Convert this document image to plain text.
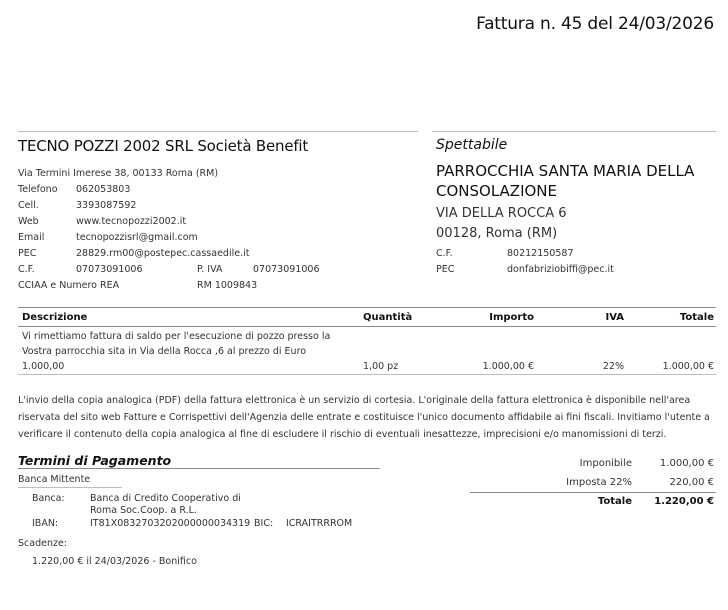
Fattura n. 45 del 24/03/2026
TECNO POZZI 2002 SRL Società Benefit
Via Termini Imerese 38, 00133 Roma (RM)
Telefono 062053803
Cell.	3393087592
Web	www.tecnopozzi2002.it
Email	tecnopozzisrl@gmail.com
PEC	28829.rm00@postepec.cassaedile.it
C.F.	07073091006	P. IVA	07073091006
CCIAA e Numero REA	RM 1009843
Spettabile
PARROCCHIA SANTA MARIA DELLA CONSOLAZIONE
VIA DELLA ROCCA 6
00128, Roma (RM)
C.F.	80212150587
PEC	donfabriziobiffi@pec.it
Descrizione	Quantità	Importo	IVA	Totale
Vi rimettiamo fattura di saldo per l'esecuzione di pozzo presso la
Vostra parrocchia sita in Via della Rocca ,6 al prezzo di Euro
1.000,00	1,00 pz	1.000,00 €	22%	1.000,00 €
L'invio della copia analogica (PDF) della fattura elettronica è un servizio di cortesia. L'originale della fattura elettronica è disponibile nell'area riservata del sito web Fatture e Corrispettivi dell'Agenzia delle entrate e costituisce l'unico documento affidabile ai fini fiscali. Invitiamo l'utente a verificare il contenuto della copia analogica al fine di escludere il rischio di eventuali inesattezze, imprecisioni e/o manomissioni di terzi.
Termini di Pagamento
Banca Mittente
Banca:	Banca di Credito Cooperativo di
Roma Soc.Coop. a R.L.
IBAN:	IT81X0832703202000000034319 BIC: ICRAITRRROM
Scadenze:
1.220,00 € il 24/03/2026 - Bonifico
Imponibile	1.000,00 €
Imposta 22%	220,00 €
Totale 1.220,00 €
